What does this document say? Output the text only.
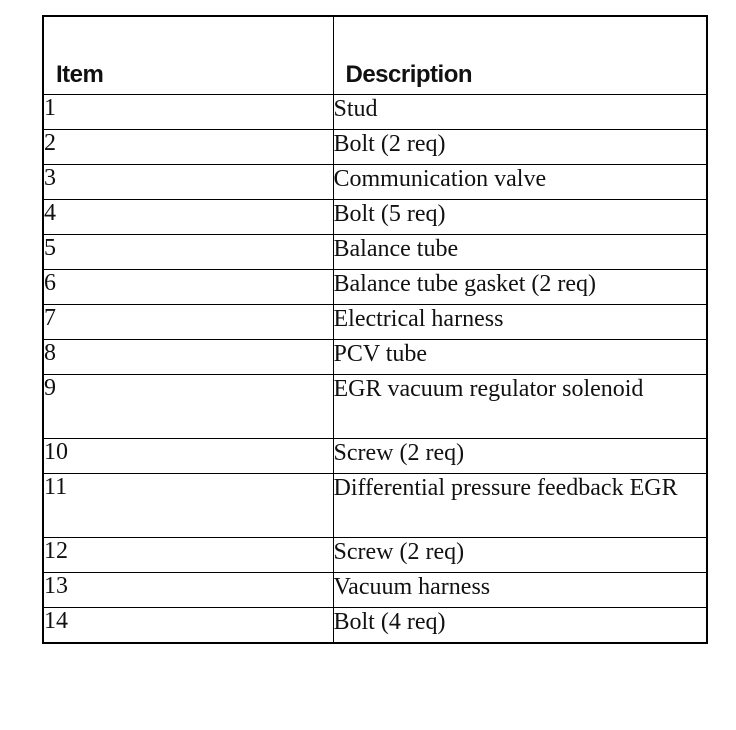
Item	Description
1	Stud
2	Bolt (2 req)
3	Communication valve
4	Bolt (5 req)
5	Balance tube
6	Balance tube gasket (2 req)
7	Electrical harness
8	PCV tube
9	EGR vacuum regulator solenoid
10	Screw (2 req)
11	Differential pressure feedback EGR
12	Screw (2 req)
13	Vacuum harness
14	Bolt (4 req)
